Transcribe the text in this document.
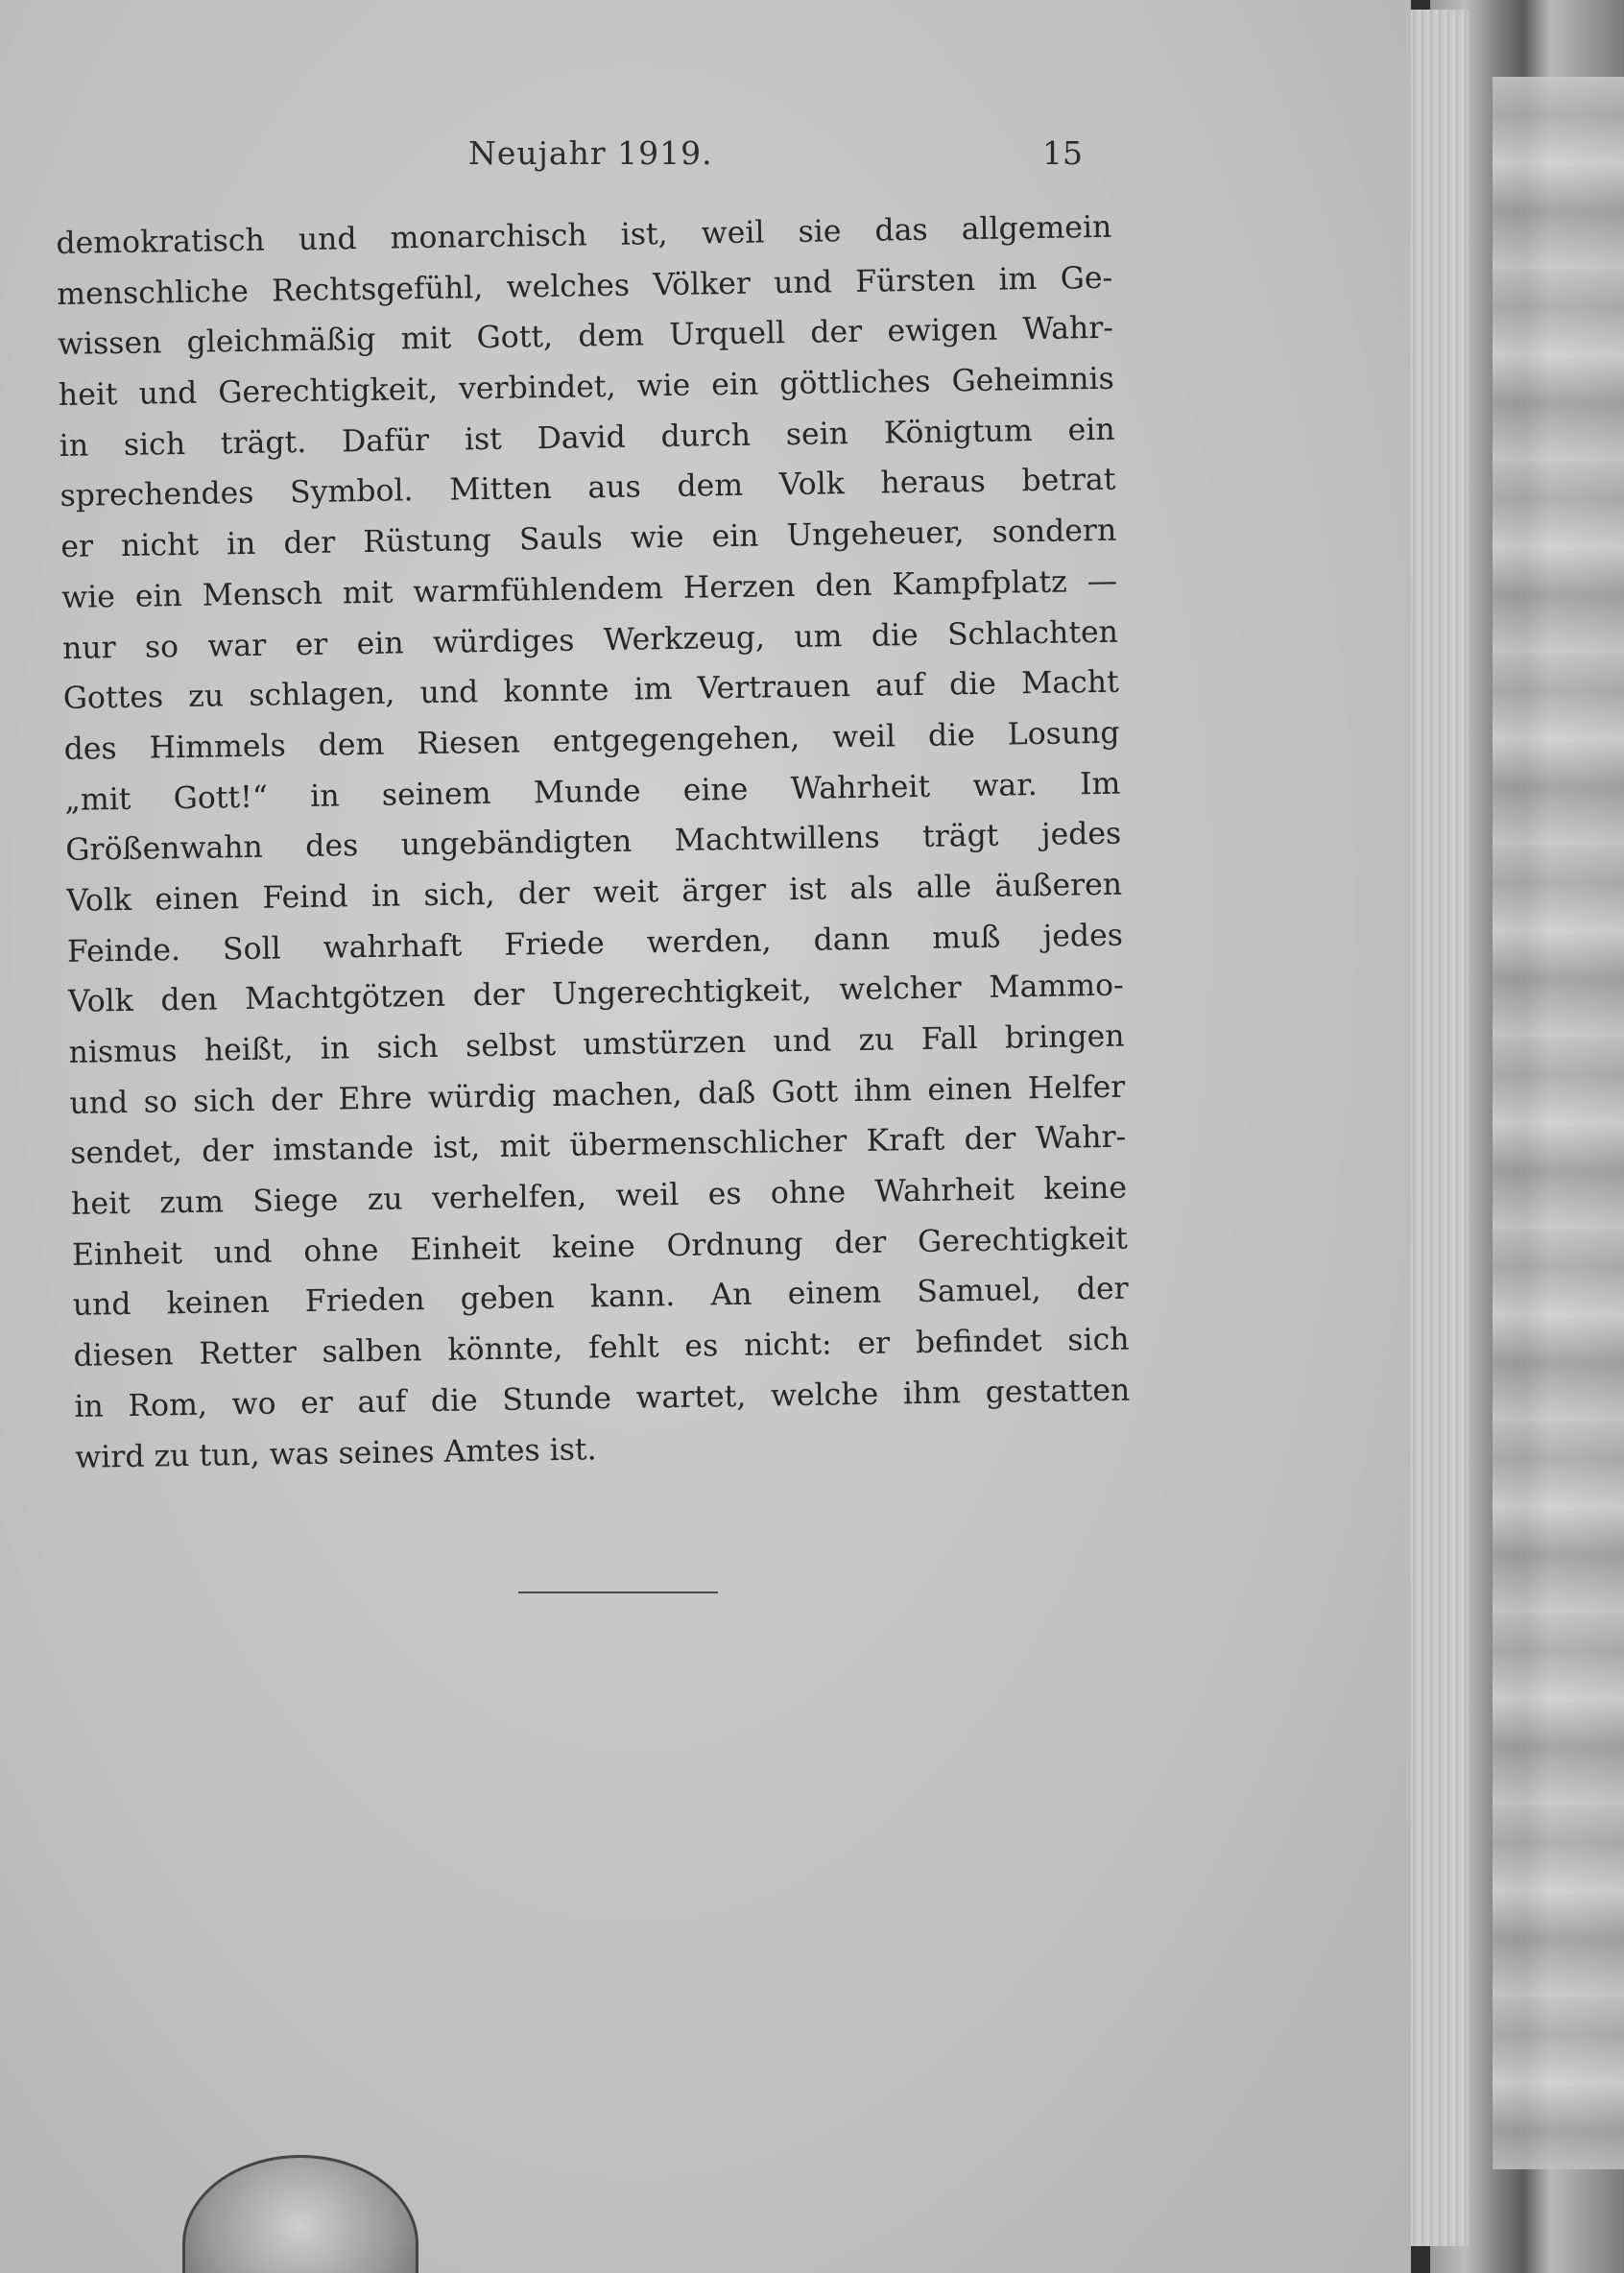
Neujahr 1919.	15
demokratisch und monarchisch ist, weil sie das allgemein
menschliche Rechtsgefühl, welches Völker und Fürsten im Ge-
wissen gleichmäßig mit Gott, dem Urquell der ewigen Wahr-
heit und Gerechtigkeit, verbindet, wie ein göttliches Geheimnis
in sich trägt. Dafür ist David durch sein Königtum ein
sprechendes Symbol. Mitten aus dem Volk heraus betrat
er nicht in der Rüstung Sauls wie ein Ungeheuer, sondern
wie ein Mensch mit warmfühlendem Herzen den Kampfplatz —
nur so war er ein würdiges Werkzeug, um die Schlachten
Gottes zu schlagen, und konnte im Vertrauen auf die Macht
des Himmels dem Riesen entgegengehen, weil die Losung
„mit Gott!“ in seinem Munde eine Wahrheit war. Im
Größenwahn des ungebändigten Machtwillens trägt jedes
Volk einen Feind in sich, der weit ärger ist als alle äußeren
Feinde. Soll wahrhaft Friede werden, dann muß jedes
Volk den Machtgötzen der Ungerechtigkeit, welcher Mammo-
nismus heißt, in sich selbst umstürzen und zu Fall bringen
und so sich der Ehre würdig machen, daß Gott ihm einen Helfer
sendet, der imstande ist, mit übermenschlicher Kraft der Wahr-
heit zum Siege zu verhelfen, weil es ohne Wahrheit keine
Einheit und ohne Einheit keine Ordnung der Gerechtigkeit
und keinen Frieden geben kann. An einem Samuel, der
diesen Retter salben könnte, fehlt es nicht: er befindet sich
in Rom, wo er auf die Stunde wartet, welche ihm gestatten
wird zu tun, was seines Amtes ist.
